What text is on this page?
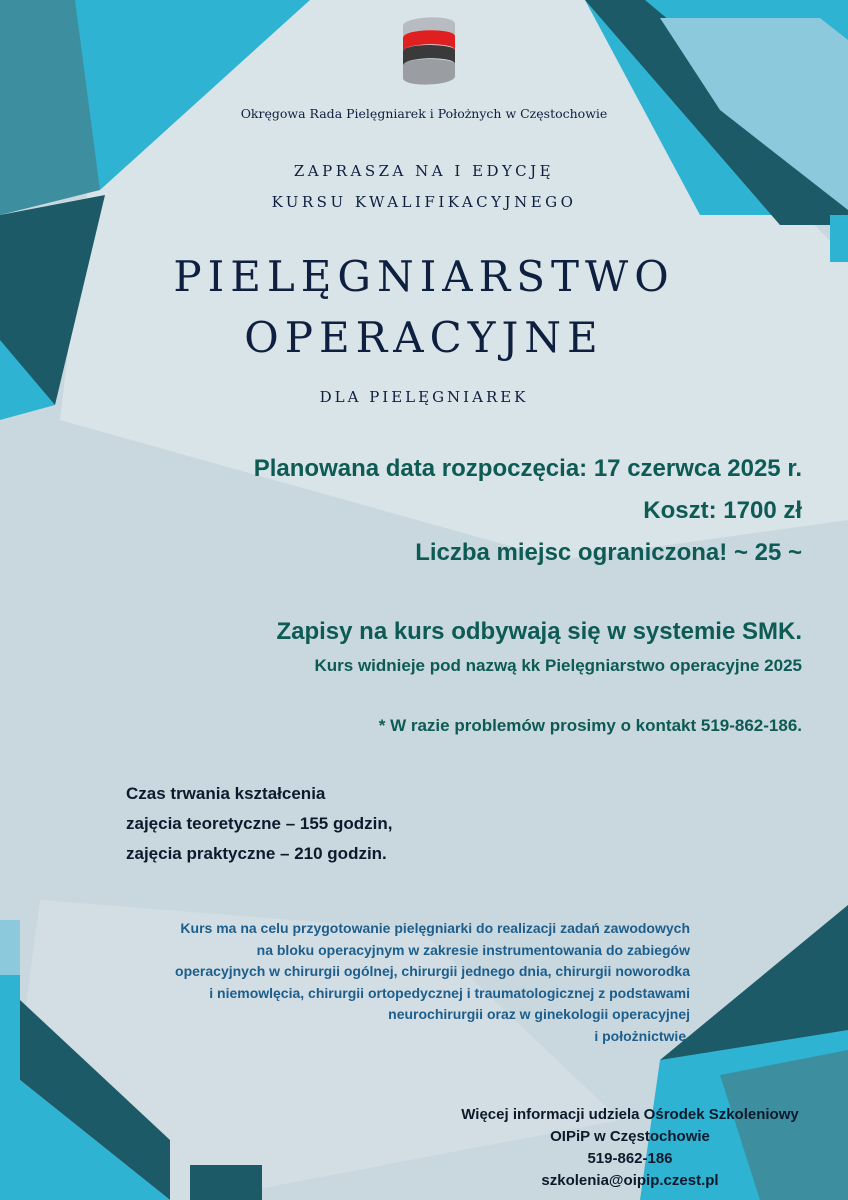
Okręgowa Rada Pielęgniarek i Położnych w Częstochowie
ZAPRASZA NA I EDYCJĘ
KURSU KWALIFIKACYJNEGO
PIELĘGNIARSTWO
OPERACYJNE
DLA PIELĘGNIAREK
Planowana data rozpoczęcia: 17 czerwca 2025 r.
Koszt: 1700 zł
Liczba miejsc ograniczona! ~ 25 ~
Zapisy na kurs odbywają się w systemie SMK.
Kurs widnieje pod nazwą kk Pielęgniarstwo operacyjne 2025
* W razie problemów prosimy o kontakt 519-862-186.
Czas trwania kształcenia
zajęcia teoretyczne – 155 godzin,
zajęcia praktyczne – 210 godzin.
Kurs ma na celu przygotowanie pielęgniarki do realizacji zadań zawodowych
na bloku operacyjnym w zakresie instrumentowania do zabiegów
operacyjnych w chirurgii ogólnej, chirurgii jednego dnia, chirurgii noworodka
i niemowlęcia, chirurgii ortopedycznej i traumatologicznej z podstawami
neurochirurgii oraz w ginekologii operacyjnej
i położnictwie.
Więcej informacji udziela Ośrodek Szkoleniowy
OIPiP w Częstochowie
519-862-186
szkolenia@oipip.czest.pl
